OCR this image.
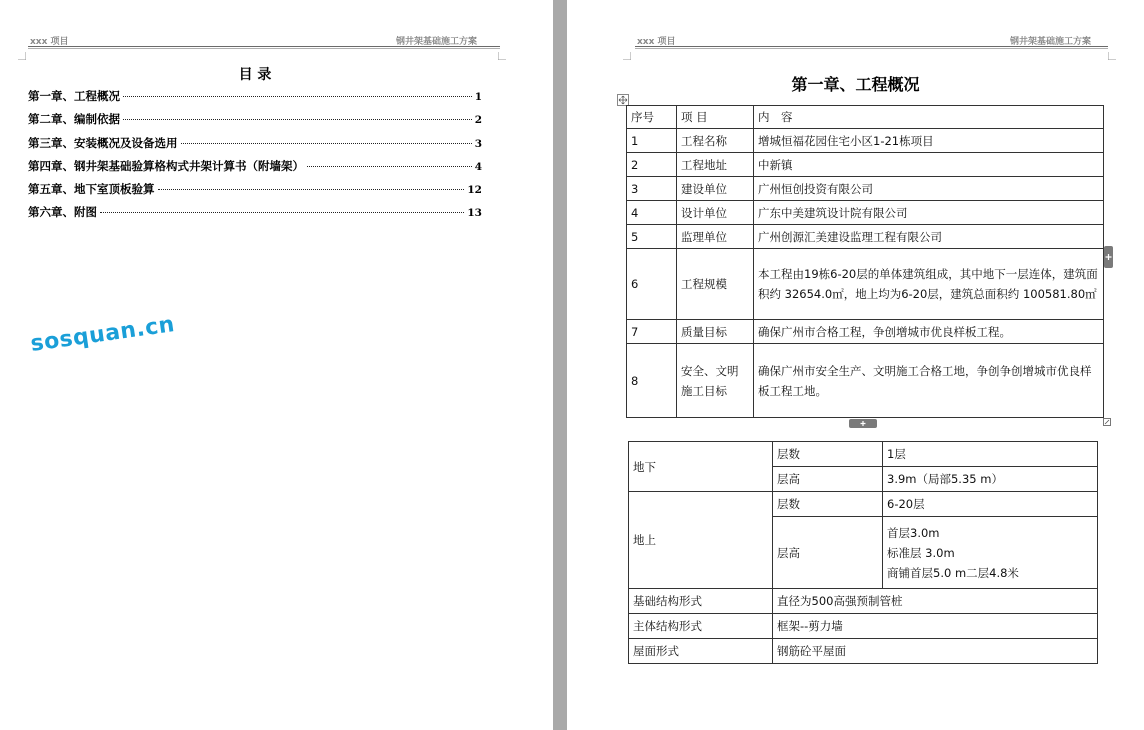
xxx 项目	钢井架基础施工方案
目 录
第一章、工程概况	1
第二章、编制依据	2
第三章、安装概况及设备选用	3
第四章、钢井架基础验算格构式井架计算书（附墙架）	4
第五章、地下室顶板验算	12
第六章、附图	13
sosquan.cn
xxx 项目	钢井架基础施工方案
第一章、工程概况
序号	项 目	内　容
1	工程名称	增城恒福花园住宅小区1-21栋项目
2	工程地址	中新镇
3	建设单位	广州恒创投资有限公司
4	设计单位	广东中美建筑设计院有限公司
5	监理单位	广州创源汇美建设监理工程有限公司
6	工程规模	本工程由19栋6-20层的单体建筑组成，其中地下一层连体，建筑面积约 32654.0㎡，地上均为6-20层，建筑总面积约 100581.80㎡
7	质量目标	确保广州市合格工程，争创增城市优良样板工程。
8	安全、文明施工目标	确保广州市安全生产、文明施工合格工地，争创争创增城市优良样板工程工地。
地下	层数	1层
	层高	3.9m（局部5.35 m）
地上	层数	6-20层
	层高	首层3.0m
标准层 3.0m
商铺首层5.0 m二层4.8米

基础结构形式	直径为500高强预制管桩	
主体结构形式	框架--剪力墙	
屋面形式	钢筋砼平屋面	
